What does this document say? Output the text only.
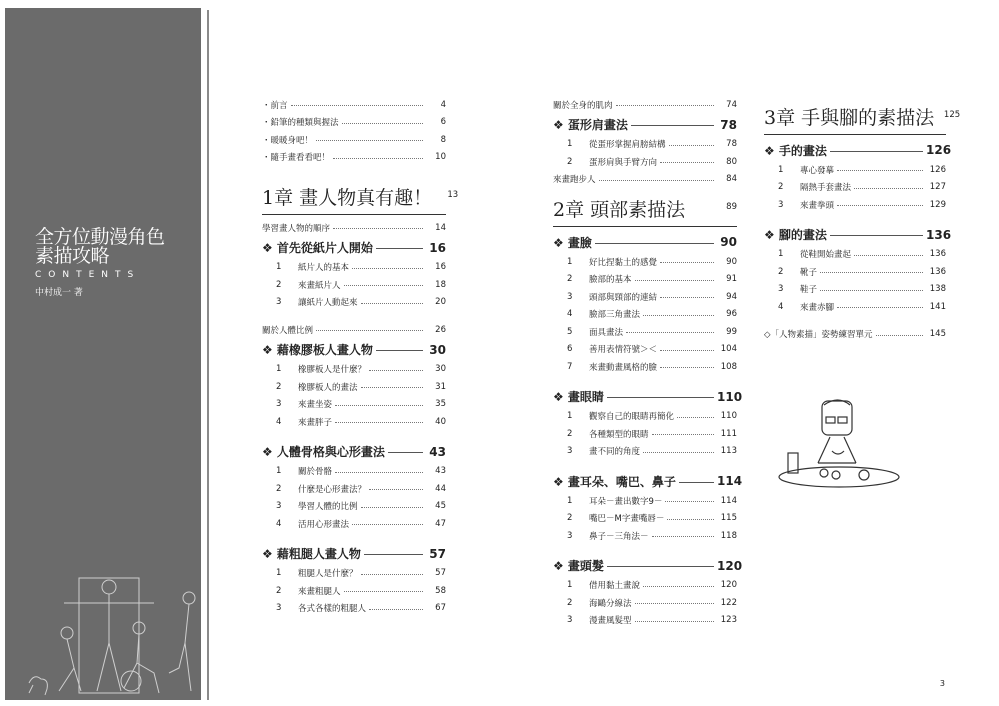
全方位動漫角色
素描攻略
CONTENTS
中村成一 著
・前言	4
・鉛筆的種類與握法	6
・暖暖身吧！	8
・隨手畫看看吧！	10
1章 畫人物真有趣！	13
學習畫人物的順序	14
❖ 首先從紙片人開始	16
1	紙片人的基本	16
2	來畫紙片人	18
3	讓紙片人動起來	20
關於人體比例	26
❖ 藉橡膠板人畫人物	30
1	橡膠板人是什麼？	30
2	橡膠板人的畫法	31
3	來畫坐姿	35
4	來畫胖子	40
❖ 人體骨格與心形畫法	43
1	關於骨骼	43
2	什麼是心形畫法？	44
3	學習人體的比例	45
4	活用心形畫法	47
❖ 藉粗腿人畫人物	57
1	粗腿人是什麼？	57
2	來畫粗腿人	58
3	各式各樣的粗腿人	67
關於全身的肌肉	74
❖ 蛋形肩畫法	78
1	從蛋形掌握肩膀結構	78
2	蛋形肩與手臂方向	80
來畫跑步人	84
2章 頭部素描法	89
❖ 畫臉	90
1	好比捏黏土的感覺	90
2	臉部的基本	91
3	頭部與頸部的連結	94
4	臉部三角畫法	96
5	面具畫法	99
6	善用表情符號＞＜	104
7	來畫動畫風格的臉	108
❖ 畫眼睛	110
1	觀察自己的眼睛再簡化	110
2	各種類型的眼睛	111
3	畫不同的角度	113
❖ 畫耳朵、嘴巴、鼻子	114
1	耳朵－畫出數字9－	114
2	嘴巴－M字畫嘴唇－	115
3	鼻子－三角法－	118
❖ 畫頭髮	120
1	借用黏土畫說	120
2	海鷗分線法	122
3	漫畫風髮型	123
3章 手與腳的素描法	125
❖ 手的畫法	126
1	專心發摹	126
2	隔熱手套畫法	127
3	來畫拳頭	129
❖ 腳的畫法	136
1	從鞋開始畫起	136
2	靴子	136
3	鞋子	138
4	來畫赤腳	141
◇「人物素描」姿勢練習單元	145
3
